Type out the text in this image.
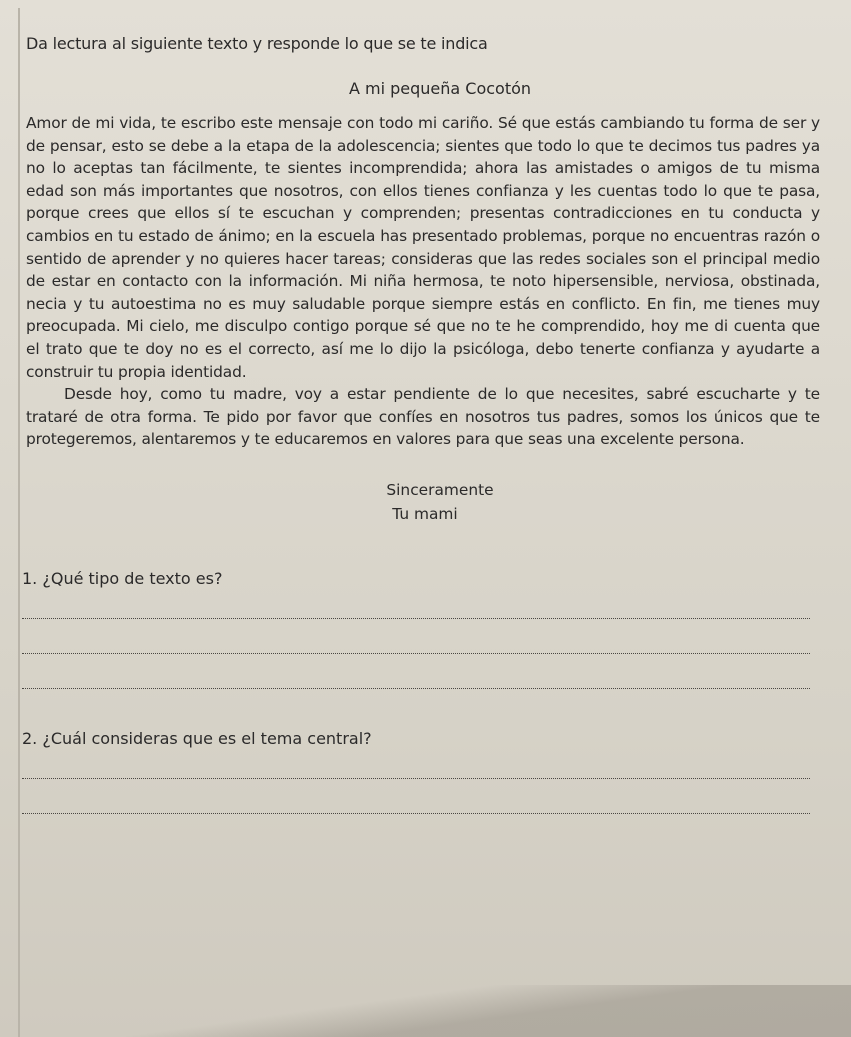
Da lectura al siguiente texto y responde lo que se te indica

A mi pequeña Cocotón

Amor de mi vida, te escribo este mensaje con todo mi cariño. Sé que estás cambiando tu forma de ser y de pensar, esto se debe a la etapa de la adolescencia; sientes que todo lo que te decimos tus padres ya no lo aceptas tan fácilmente, te sientes incomprendida; ahora las amistades o amigos de tu misma edad son más importantes que nosotros, con ellos tienes confianza y les cuentas todo lo que te pasa, porque crees que ellos sí te escuchan y comprenden; presentas contradicciones en tu conducta y cambios en tu estado de ánimo; en la escuela has presentado problemas, porque no encuentras razón o sentido de aprender y no quieres hacer tareas; consideras que las redes sociales son el principal medio de estar en contacto con la información. Mi niña hermosa, te noto hipersensible, nerviosa, obstinada, necia y tu autoestima no es muy saludable porque siempre estás en conflicto. En fin, me tienes muy preocupada. Mi cielo, me disculpo contigo porque sé que no te he comprendido, hoy me di cuenta que el trato que te doy no es el correcto, así me lo dijo la psicóloga, debo tenerte confianza y ayudarte a construir tu propia identidad.

Desde hoy, como tu madre, voy a estar pendiente de lo que necesites, sabré escucharte y te trataré de otra forma. Te pido por favor que confíes en nosotros tus padres, somos los únicos que te protegeremos, alentaremos y te educaremos en valores para que seas una excelente persona.

Sinceramente

Tu mami

1. ¿Qué tipo de texto es?

2. ¿Cuál consideras que es el tema central?
